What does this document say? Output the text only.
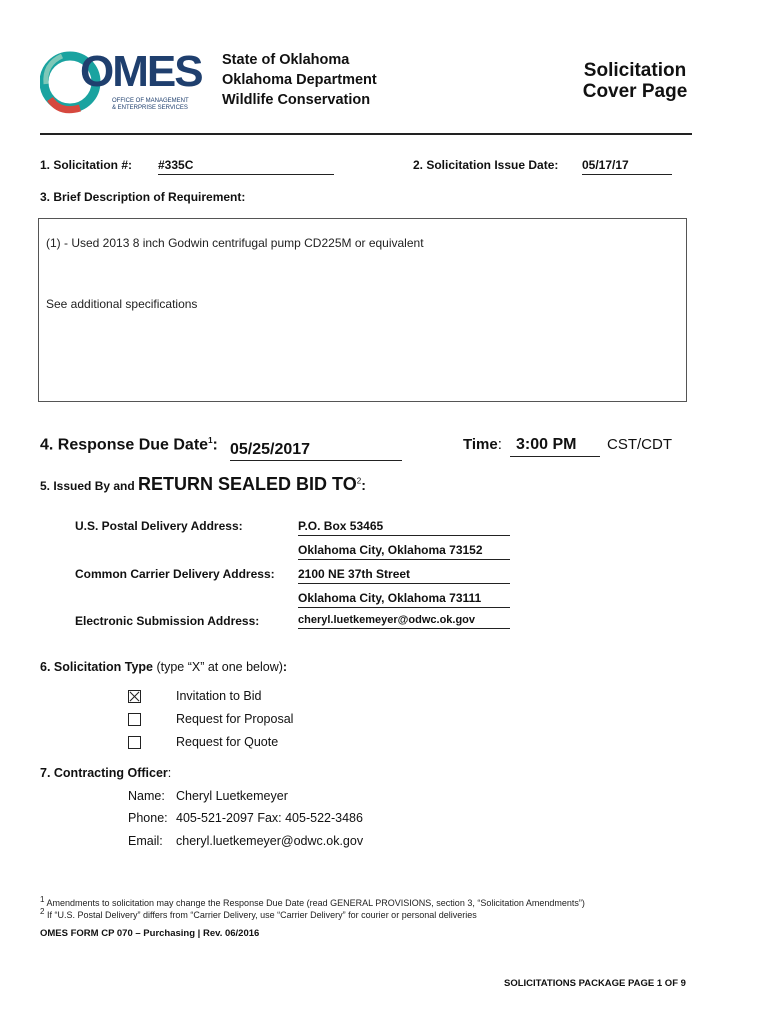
OMES
OFFICE OF MANAGEMENT
& ENTERPRISE SERVICES
State of Oklahoma
Oklahoma Department
Wildlife Conservation
Solicitation
Cover Page
1. Solicitation #: #335C	2. Solicitation Issue Date: 05/17/17
3. Brief Description of Requirement:
(1) - Used 2013 8 inch Godwin centrifugal pump CD225M or equivalent
See additional specifications
4. Response Due Date$^1$: 05/25/2017	Time: 3:00 PM	CST/CDT
5. Issued By and RETURN SEALED BID $TO^2$:
U.S. Postal Delivery Address:	P.O. Box 53465
Oklahoma City, Oklahoma 73152
Common Carrier Delivery Address: 2100 NE 37th Street
Oklahoma City, Oklahoma 73111
Electronic Submission Address:	cheryl.luetkemeyer@odwc.ok.gov
6. Solicitation Type (type “X” at one below):
Invitation to Bid
Request for Proposal
Request for Quote
7. Contracting Officer:
Name: Cheryl Luetkemeyer
Phone: 405-521-2097 Fax: 405-522-3486
Email: cheryl.luetkemeyer@odwc.ok.gov
$^1$ Amendments to solicitation may change the Response Due Date (read GENERAL PROVISIONS, section 3, “Solicitation Amendments”)
$^2$ If “U.S. Postal Delivery” differs from “Carrier Delivery, use “Carrier Delivery” for courier or personal deliveries
OMES FORM CP 070 – Purchasing | Rev. 06/2016
SOLICITATIONS PACKAGE PAGE 1 OF 9
